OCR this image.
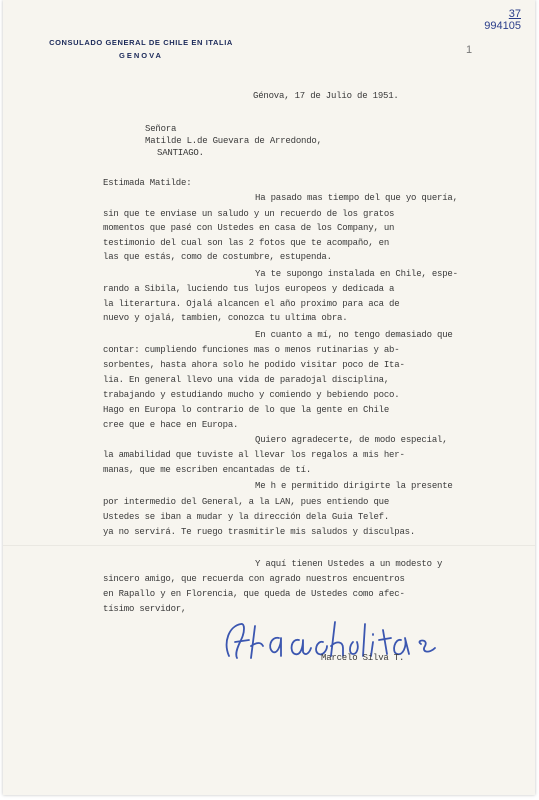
CONSULADO GENERAL DE CHILE EN ITALIA
GENOVA
37
994105
1
Génova, 17 de Julio de 1951.
Señora
Matilde L.de Guevara de Arredondo,
SANTIAGO.
Estimada Matilde:
Ha pasado mas tiempo del que yo quería,
sin que te enviase un saludo y un recuerdo de los gratos
momentos que pasé con Ustedes en casa de los Company, un
testimonio del cual son las 2 fotos que te acompaño, en
las que estás, como de costumbre, estupenda.
Ya te supongo instalada en Chile, espe-
rando a Sibila, luciendo tus lujos europeos y dedicada a
la literartura. Ojalá alcancen el año proximo para aca de
nuevo y ojalá, tambien, conozca tu ultima obra.
En cuanto a mí, no tengo demasiado que
contar: cumpliendo funciones mas o menos rutinarias y ab-
sorbentes, hasta ahora solo he podido visitar poco de Ita-
lia. En general llevo una vida de paradojal disciplina,
trabajando y estudiando mucho y comiendo y bebiendo poco.
Hago en Europa lo contrario de lo que la gente en Chile
cree que e hace en Europa.
Quiero agradecerte, de modo especial,
la amabilidad que tuviste al llevar los regalos a mis her-
manas, que me escriben encantadas de tí.
Me h e permitido dirigirte la presente
por intermedio del General, a la LAN, pues entiendo que
Ustedes se iban a mudar y la dirección dela Guia Telef.
ya no servirá. Te ruego trasmitirle mis saludos y disculpas.
Y aquí tienen Ustedes a un modesto y
sincero amigo, que recuerda con agrado nuestros encuentros
en Rapallo y en Florencia, que queda de Ustedes como afec-
tísimo servidor,
Marcelo Silva T.
